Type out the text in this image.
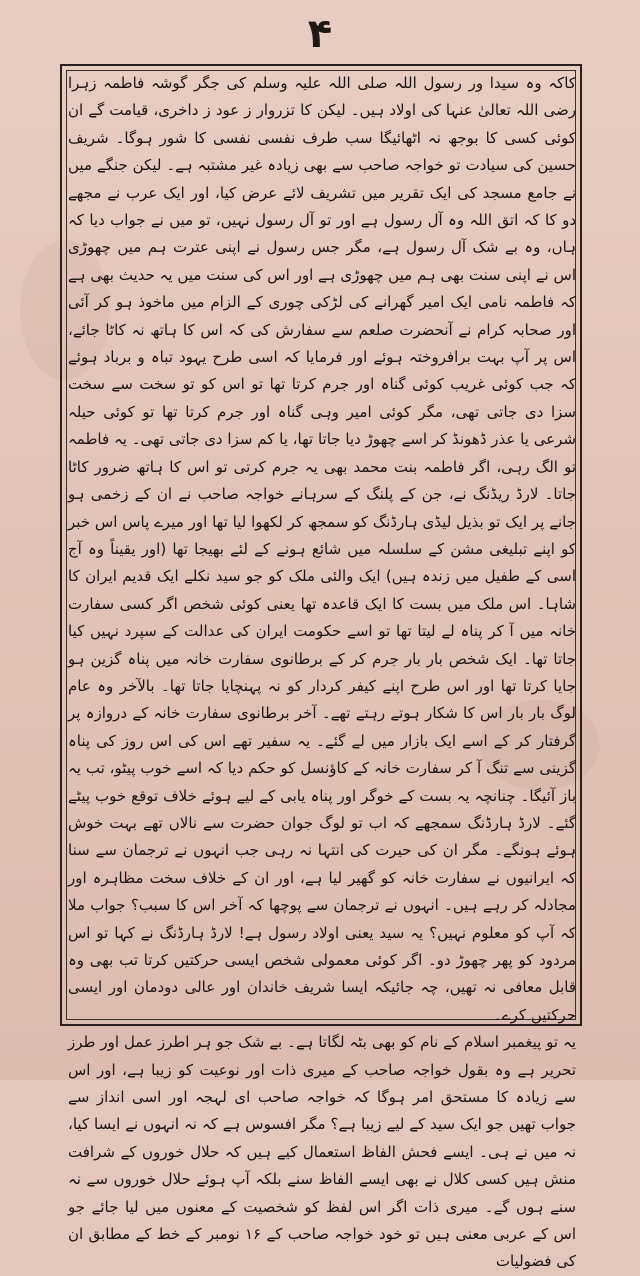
۴

کاکہ وہ سیدا ور رسول اللہ صلی اللہ علیہ وسلم کی جگر گوشہ فاطمہ زہرا رضی اللہ تعالیٰ عنہا کی اولاد ہیں۔ لیکن کا تزروار ز عود ز داخری، قیامت گے ان کوئی کسی کا بوجھ نہ اٹھائیگا سب طرف نفسی نفسی کا شور ہوگا۔ شریف حسین کی سیادت تو خواجہ صاحب سے بھی زیادہ غیر مشتبہ ہے۔ لیکن جنگے میں نے جامع مسجد کی ایک تقریر میں تشریف لائے عرض کیا، اور ایک عرب نے مجھے دو کا کہ اتق اللہ وہ آل رسول ہے اور تو آل رسول نہیں، تو میں نے جواب دیا کہ ہاں، وہ بے شک آل رسول ہے، مگر جس رسول نے اپنی عترت ہم میں چھوڑی اس نے اپنی سنت بھی ہم میں چھوڑی ہے اور اس کی سنت میں یہ حدیث بھی ہے کہ فاطمہ نامی ایک امیر گھرانے کی لڑکی چوری کے الزام میں ماخوذ ہو کر آئی اور صحابہ کرام نے آنحضرت صلعم سے سفارش کی کہ اس کا ہاتھ نہ کاٹا جائے، اس پر آپ بہت برافروختہ ہوئے اور فرمایا کہ اسی طرح یہود تباہ و برباد ہوئے کہ جب کوئی غریب کوئی گناہ اور جرم کرتا تھا تو اس کو تو سخت سے سخت سزا دی جاتی تھی، مگر کوئی امیر وہی گناہ اور جرم کرتا تھا تو کوئی حیلہ شرعی یا عذر ڈھونڈ کر اسے چھوڑ دیا جاتا تھا، یا کم سزا دی جاتی تھی۔ یہ فاطمہ تو الگ رہی، اگر فاطمہ بنت محمد بھی یہ جرم کرتی تو اس کا ہاتھ ضرور کاٹا جاتا۔ لارڈ ریڈنگ نے، جن کے پلنگ کے سرہانے خواجہ صاحب نے ان کے زخمی ہو جانے پر ایک تو بذیل لیڈی ہارڈنگ کو سمجھ کر لکھوا لیا تھا اور میرے پاس اس خبر کو اپنے تبلیغی مشن کے سلسلہ میں شائع ہونے کے لئے بھیجا تھا (اور یقیناً وہ آج اسی کے طفیل میں زندہ ہیں) ایک والئی ملک کو جو سید نکلے ایک قدیم ایران کا شاہا۔ اس ملک میں بست کا ایک قاعدہ تھا یعنی کوئی شخص اگر کسی سفارت خانہ میں آ کر پناہ لے لیتا تھا تو اسے حکومت ایران کی عدالت کے سپرد نہیں کیا جاتا تھا۔ ایک شخص بار بار جرم کر کے برطانوی سفارت خانہ میں پناہ گزین ہو جایا کرتا تھا اور اس طرح اپنے کیفر کردار کو نہ پہنچایا جاتا تھا۔ بالآخر وہ عام لوگ بار بار اس کا شکار ہوتے رہتے تھے۔ آخر برطانوی سفارت خانہ کے دروازہ پر گرفتار کر کے اسے ایک بازار میں لے گئے۔ یہ سفیر تھے اس کی اس روز کی پناہ گزینی سے تنگ آ کر سفارت خانہ کے کاؤنسل کو حکم دیا کہ اسے خوب پیٹو، تب یہ باز آئیگا۔ چنانچہ یہ بست کے خوگر اور پناہ یابی کے لیے ہوئے خلاف توقع خوب پیٹے گئے۔ لارڈ ہارڈنگ سمجھے کہ اب تو لوگ جوان حضرت سے نالاں تھے بہت خوش ہوئے ہونگے۔ مگر ان کی حیرت کی انتہا نہ رہی جب انہوں نے ترجمان سے سنا کہ ایرانیوں نے سفارت خانہ کو گھیر لیا ہے، اور ان کے خلاف سخت مظاہرہ اور مجادلہ کر رہے ہیں۔ انہوں نے ترجمان سے پوچھا کہ آخر اس کا سبب؟ جواب ملا کہ آپ کو معلوم نہیں؟ یہ سید یعنی اولاد رسول ہے! لارڈ ہارڈنگ نے کہا تو اس مردود کو پھر چھوڑ دو۔ اگر کوئی معمولی شخص ایسی حرکتیں کرتا تب بھی وہ قابل معافی نہ تھیں، چہ جائیکہ ایسا شریف خاندان اور عالی دودمان اور ایسی حرکتیں کرے۔

یہ تو پیغمبر اسلام کے نام کو بھی بٹہ لگاتا ہے۔ بے شک جو ہر اطرز عمل اور طرز تحریر ہے وہ بقول خواجہ صاحب کے میری ذات اور نوعیت کو زیبا ہے، اور اس سے زیادہ کا مستحق امر ہوگا کہ خواجہ صاحب ای لہجہ اور اسی انداز سے جواب تھیں جو ایک سید کے لیے زیبا ہے؟ مگر افسوس ہے کہ نہ انہوں نے ایسا کیا، نہ میں نے ہی۔ ایسے فحش الفاظ استعمال کیے ہیں کہ حلال خوروں کے شرافت منش ہیں کسی کلال نے بھی ایسے الفاظ سنے بلکہ آپ ہوئے حلال خوروں سے نہ سنے ہوں گے۔ میری ذات اگر اس لفظ کو شخصیت کے معنوں میں لیا جائے جو اس کے عربی معنی ہیں تو خود خواجہ صاحب کے ۱۶ نومبر کے خط کے مطابق ان کی فضولیات
